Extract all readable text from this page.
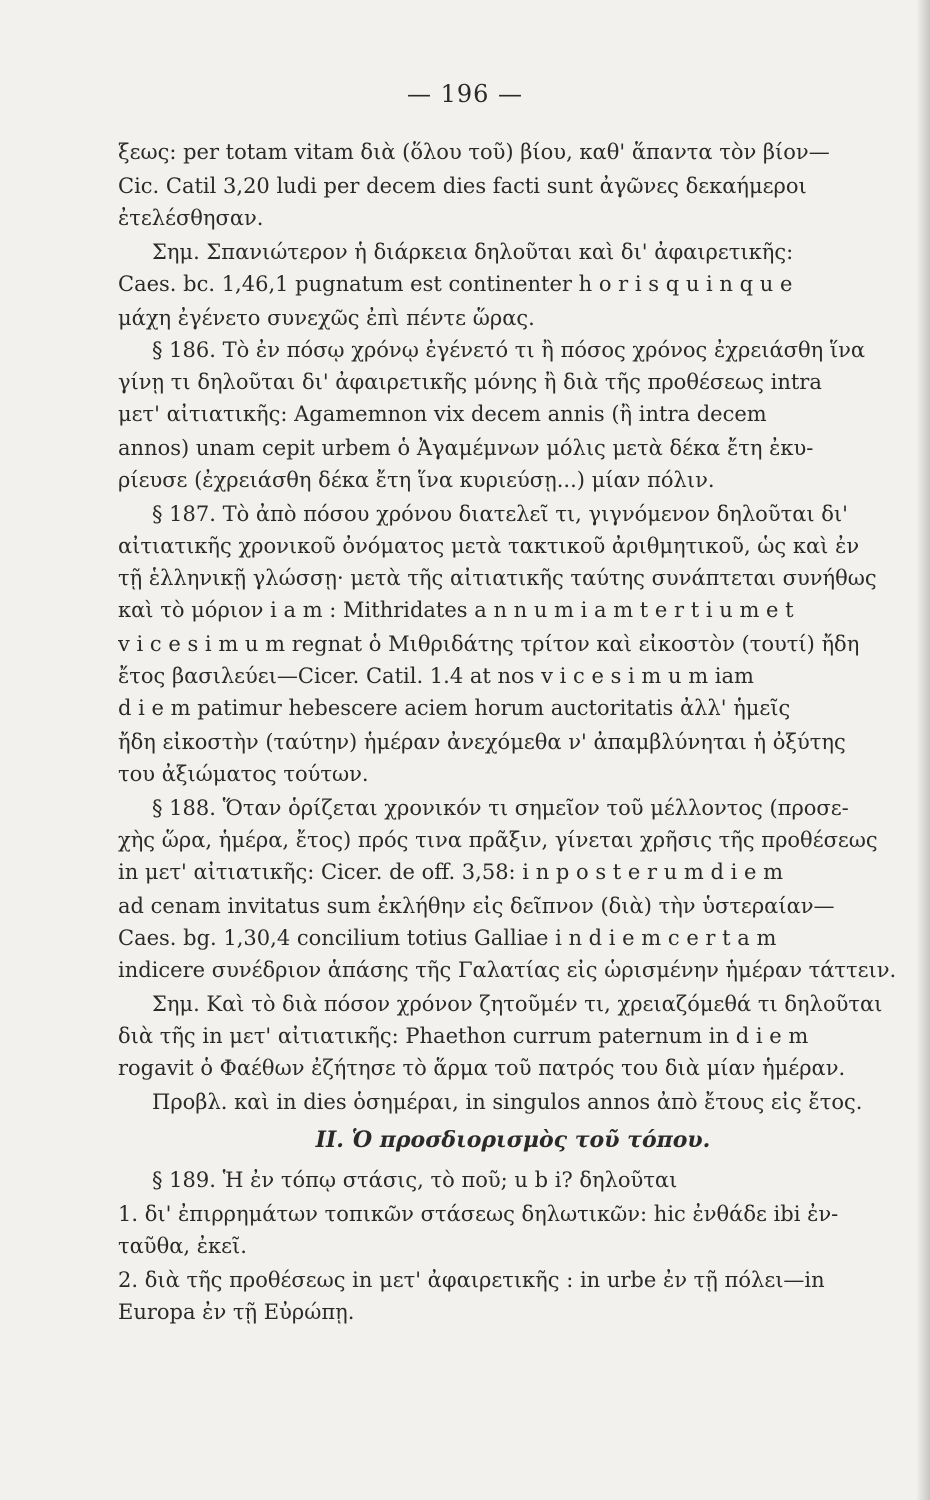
— 196 —
ξεως: per totam vitam διὰ (ὅλου τοῦ) βίου, καθ' ἅπαντα τὸν βίον—
Cic. Catil 3,20 ludi per decem dies facti sunt ἀγῶνες δεκαήμεροι
ἐτελέσθησαν.
Σημ. Σπανιώτερον ἡ διάρκεια δηλοῦται καὶ δι' ἀφαιρετικῆς:
Caes. bc. 1,46,1 pugnatum est continenter h o r i s q u i n q u e
μάχη ἐγένετο συνεχῶς ἐπὶ πέντε ὥρας.
§ 186. Τὸ ἐν πόσῳ χρόνῳ ἐγένετό τι ἢ πόσος χρόνος ἐχρειάσθη ἵνα
γίνῃ τι δηλοῦται δι' ἀφαιρετικῆς μόνης ἢ διὰ τῆς προθέσεως intra
μετ' αἰτιατικῆς: Agamemnon vix decem annis (ἢ intra decem
annos) unam cepit urbem ὁ Ἀγαμέμνων μόλις μετὰ δέκα ἔτη ἐκυ-
ρίευσε (ἐχρειάσθη δέκα ἔτη ἵνα κυριεύσῃ...) μίαν πόλιν.
§ 187. Τὸ ἀπὸ πόσου χρόνου διατελεῖ τι, γιγνόμενον δηλοῦται δι'
αἰτιατικῆς χρονικοῦ ὀνόματος μετὰ τακτικοῦ ἀριθμητικοῦ, ὡς καὶ ἐν
τῇ ἑλληνικῇ γλώσσῃ· μετὰ τῆς αἰτιατικῆς ταύτης συνάπτεται συνήθως
καὶ τὸ μόριον i a m : Mithridates a n n u m i a m t e r t i u m e t
v i c e s i m u m regnat ὁ Μιθριδάτης τρίτον καὶ εἰκοστὸν (τουτί) ἤδη
ἔτος βασιλεύει—Cicer. Catil. 1.4 at nos v i c e s i m u m iam
d i e m patimur hebescere aciem horum auctoritatis ἀλλ' ἡμεῖς
ἤδη εἰκοστὴν (ταύτην) ἡμέραν ἀνεχόμεθα ν' ἀπαμβλύνηται ἡ ὀξύτης
του ἀξιώματος τούτων.
§ 188. Ὅταν ὁρίζεται χρονικόν τι σημεῖον τοῦ μέλλοντος (προσε-
χὴς ὥρα, ἡμέρα, ἔτος) πρός τινα πρᾶξιν, γίνεται χρῆσις τῆς προθέσεως
in μετ' αἰτιατικῆς: Cicer. de off. 3,58: i n p o s t e r u m d i e m
ad cenam invitatus sum ἐκλήθην εἰς δεῖπνον (διὰ) τὴν ὑστεραίαν—
Caes. bg. 1,30,4 concilium totius Galliae i n d i e m c e r t a m
indicere συνέδριον ἁπάσης τῆς Γαλατίας εἰς ὡρισμένην ἡμέραν τάττειν.
Σημ. Καὶ τὸ διὰ πόσον χρόνον ζητοῦμέν τι, χρειαζόμεθά τι δηλοῦται
διὰ τῆς in μετ' αἰτιατικῆς: Phaethon currum paternum in d i e m
rogavit ὁ Φαέθων ἐζήτησε τὸ ἅρμα τοῦ πατρός του διὰ μίαν ἡμέραν.
Προβλ. καὶ in dies ὁσημέραι, in singulos annos ἀπὸ ἔτους εἰς ἔτος.
II. Ὁ προσδιορισμὸς τοῦ τόπου.
§ 189. Ἡ ἐν τόπῳ στάσις, τὸ ποῦ; u b i? δηλοῦται
1. δι' ἐπιρρημάτων τοπικῶν στάσεως δηλωτικῶν: hic ἐνθάδε ibi ἐν-
ταῦθα, ἐκεῖ.
2. διὰ τῆς προθέσεως in μετ' ἀφαιρετικῆς : in urbe ἐν τῇ πόλει—in
Europa ἐν τῇ Εὐρώπῃ.
